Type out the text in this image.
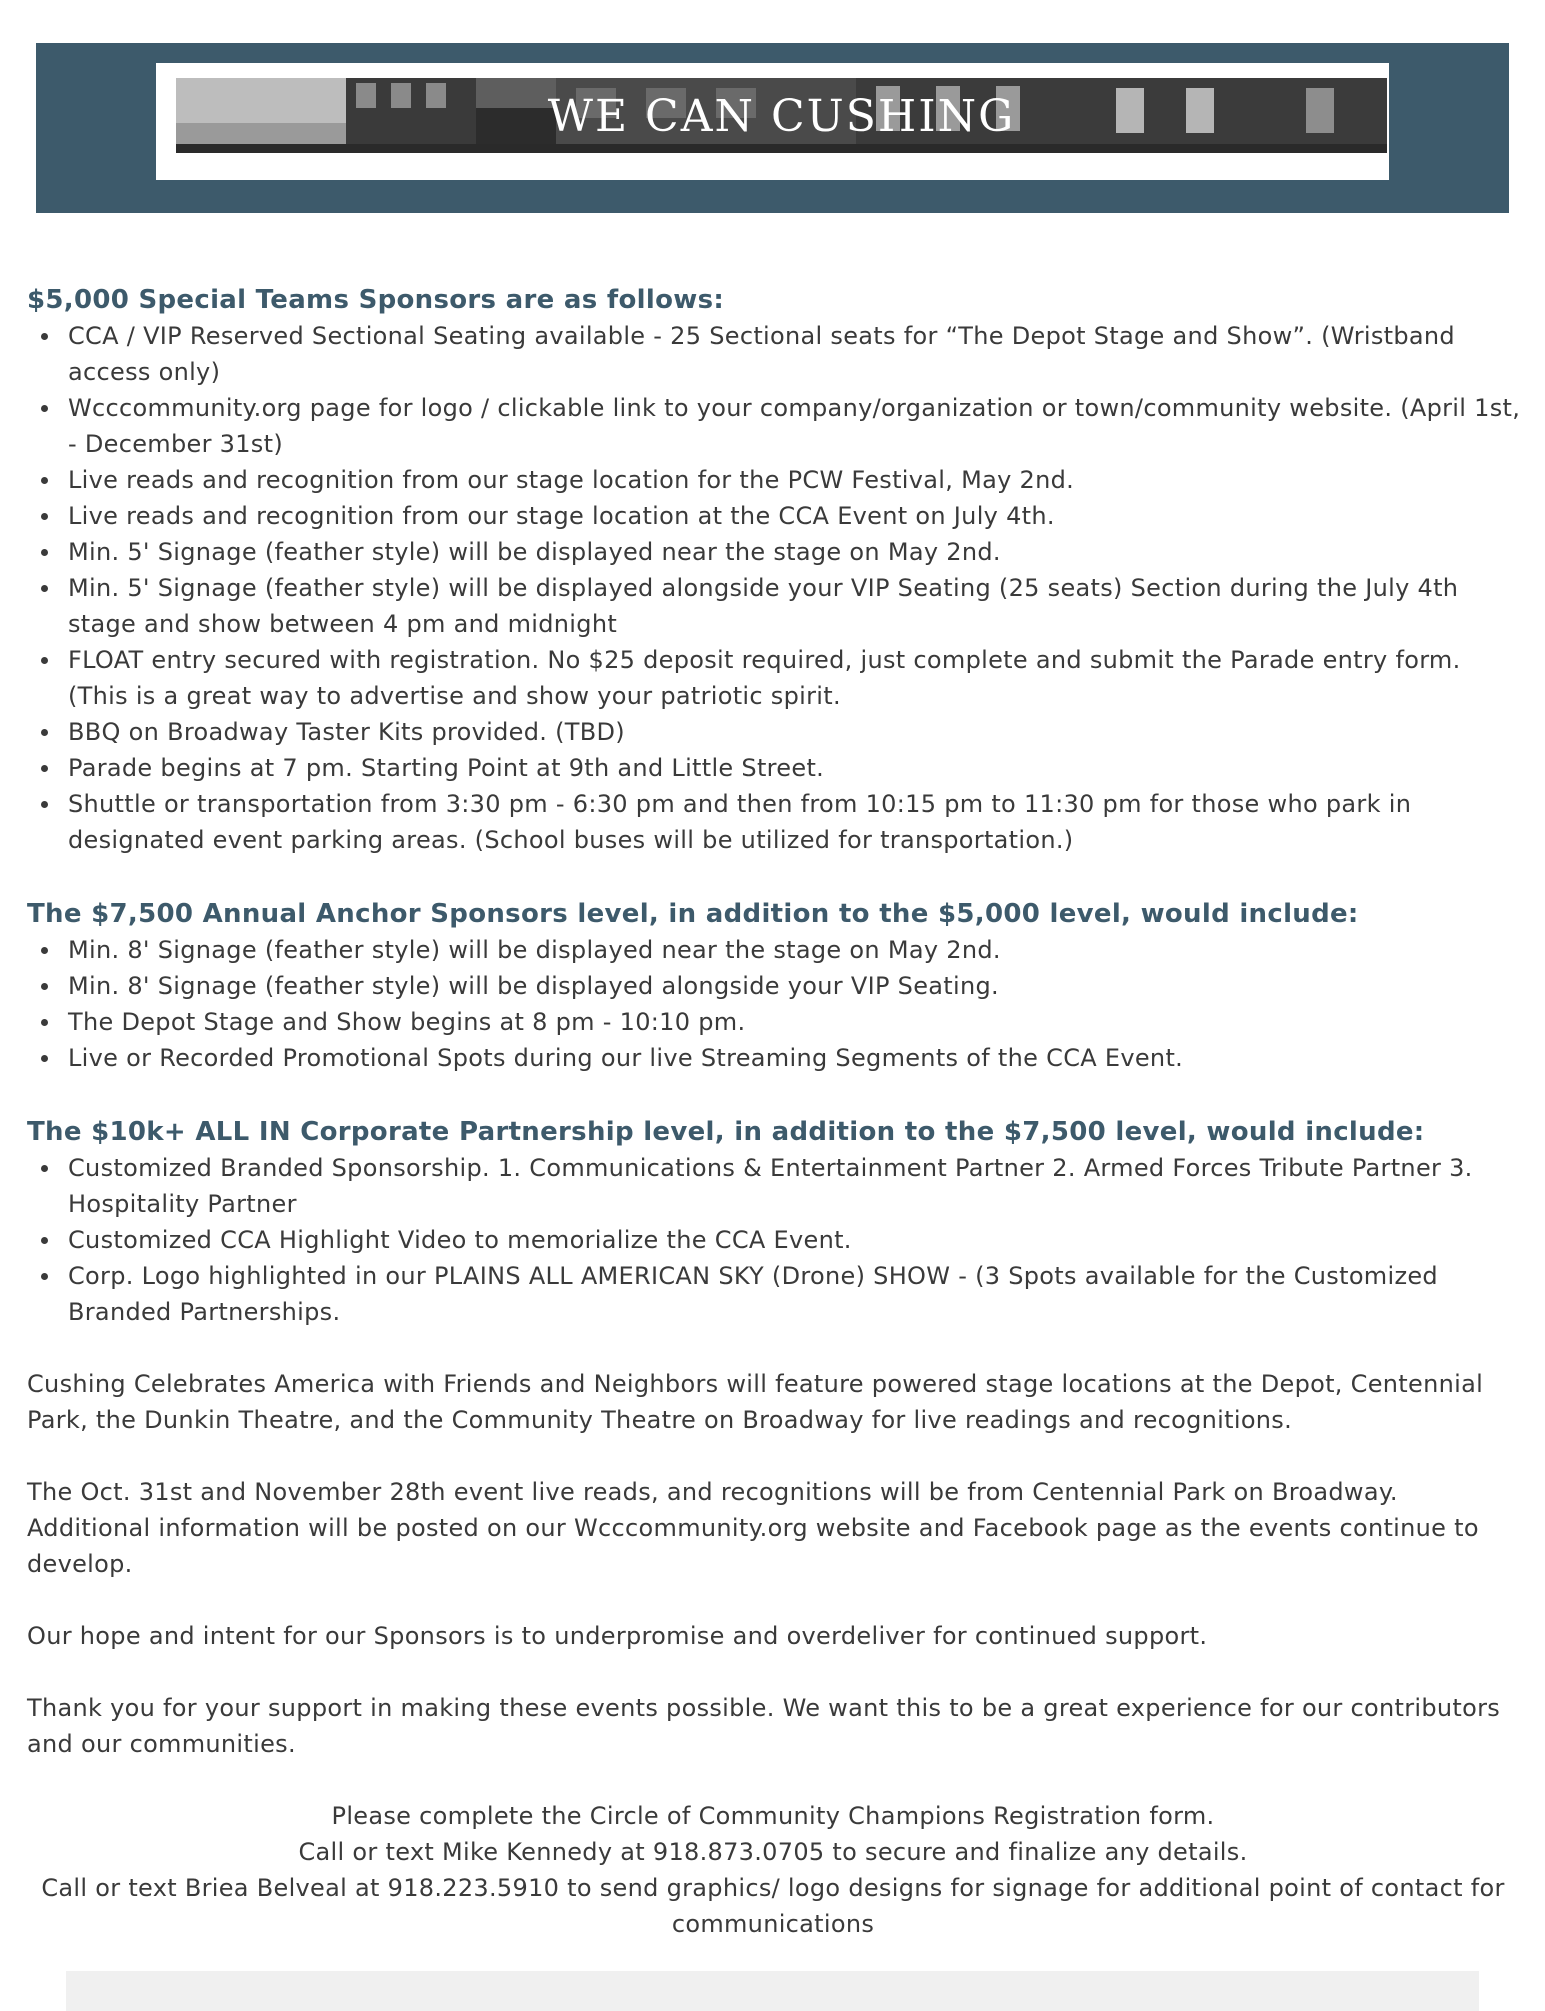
WE CAN CUSHING
$5,000 Special Teams Sponsors are as follows:
CCA / VIP Reserved Sectional Seating available - 25 Sectional seats for “The Depot Stage and Show”. (Wristband access only)
Wcccommunity.org page for logo / clickable link to your company/organization or town/community website. (April 1st, - December 31st)
Live reads and recognition from our stage location for the PCW Festival, May 2nd.
Live reads and recognition from our stage location at the CCA Event on July 4th.
Min. 5' Signage (feather style) will be displayed near the stage on May 2nd.
Min. 5' Signage (feather style) will be displayed alongside your VIP Seating (25 seats) Section during the July 4th stage and show between 4 pm and midnight
FLOAT entry secured with registration. No $25 deposit required, just complete and submit the Parade entry form. (This is a great way to advertise and show your patriotic spirit.
BBQ on Broadway Taster Kits provided. (TBD)
Parade begins at 7 pm. Starting Point at 9th and Little Street.
Shuttle or transportation from 3:30 pm - 6:30 pm and then from 10:15 pm to 11:30 pm for those who park in designated event parking areas. (School buses will be utilized for transportation.)
The $7,500 Annual Anchor Sponsors level, in addition to the $5,000 level, would include:
Min. 8' Signage (feather style) will be displayed near the stage on May 2nd.
Min. 8' Signage (feather style) will be displayed alongside your VIP Seating.
The Depot Stage and Show begins at 8 pm - 10:10 pm.
Live or Recorded Promotional Spots during our live Streaming Segments of the CCA Event.
The $10k+ ALL IN Corporate Partnership level, in addition to the $7,500 level, would include:
Customized Branded Sponsorship. 1. Communications & Entertainment Partner 2. Armed Forces Tribute Partner 3. Hospitality Partner
Customized CCA Highlight Video to memorialize the CCA Event.
Corp. Logo highlighted in our PLAINS ALL AMERICAN SKY (Drone) SHOW - (3 Spots available for the Customized Branded Partnerships.

Cushing Celebrates America with Friends and Neighbors will feature powered stage locations at the Depot, Centennial Park, the Dunkin Theatre, and the Community Theatre on Broadway for live readings and recognitions.

The Oct. 31st and November 28th event live reads, and recognitions will be from Centennial Park on Broadway. Additional information will be posted on our Wcccommunity.org website and Facebook page as the events continue to develop.

Our hope and intent for our Sponsors is to underpromise and overdeliver for continued support.

Thank you for your support in making these events possible. We want this to be a great experience for our contributors and our communities.

Please complete the Circle of Community Champions Registration form.

Call or text Mike Kennedy at 918.873.0705 to secure and finalize any details.

Call or text Briea Belveal at 918.223.5910 to send graphics/ logo designs for signage for additional point of contact for communications
